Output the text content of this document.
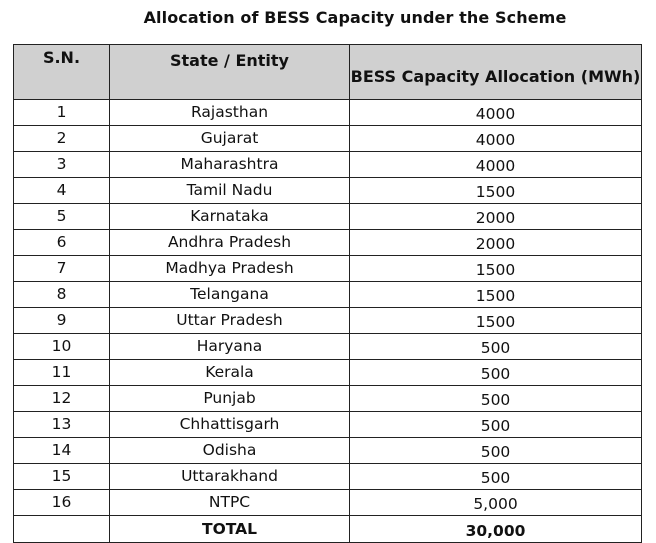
Allocation of BESS Capacity under the Scheme
S.N.	State / Entity	BESS Capacity Allocation (MWh)
1	Rajasthan	4000
2	Gujarat	4000
3	Maharashtra	4000
4	Tamil Nadu	1500
5	Karnataka	2000
6	Andhra Pradesh	2000
7	Madhya Pradesh	1500
8	Telangana	1500
9	Uttar Pradesh	1500
10	Haryana	500
11	Kerala	500
12	Punjab	500
13	Chhattisgarh	500
14	Odisha	500
15	Uttarakhand	500
16	NTPC	5,000
	TOTAL	30,000
